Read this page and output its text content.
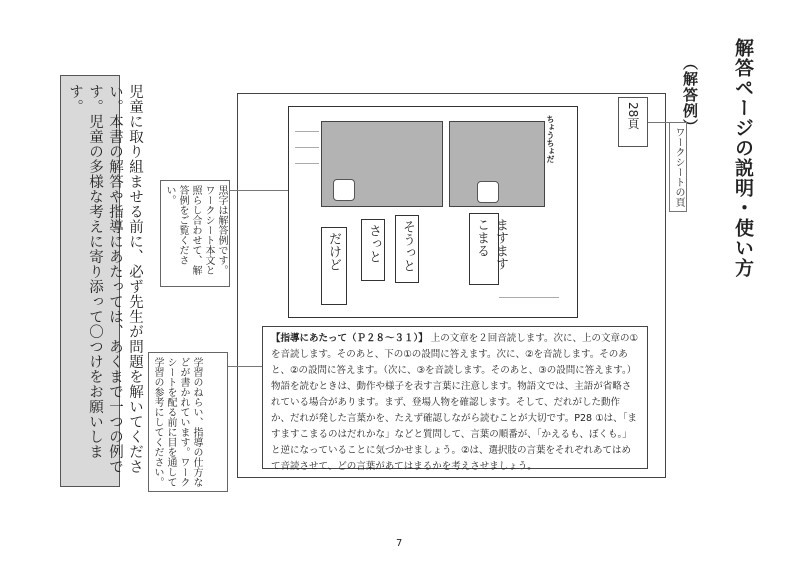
解答ページの説明・使い方
（解答例）

児童に取り組ませる前に、必ず先生が問題を解いてください。本書の解答や指導にあたっては、あくまで一つの例です。児童の多様な考えに寄り添って〇つけをお願いします。	28頁
ワークシートの頁
ちょうちょだ
ますます こまる
そうっと
さっと
だけど

黒字は解答例です。ワークシート本文と照らし合わせて、解答例をご覧ください。

【指導にあたって（Ｐ２８～３１）】 上の文章を２回音読します。次に、上の文章の①を音読します。そのあと、下の①の設問に答えます。次に、②を音読します。そのあと、②の設問に答えます。（次に、③を音読します。そのあと、③の設問に答えます。）物語を読むときは、動作や様子を表す言葉に注意します。物語文では、主語が省略されている場合があります。まず、登場人物を確認します。そして、だれがした動作か、だれが発した言葉かを、たえず確認しながら読むことが大切です。P28 ①は、「ますますこまるのはだれかな」などと質問して、言葉の順番が、「かえるも、ぼくも。」と逆になっていることに気づかせましょう。②は、選択肢の言葉をそれぞれあてはめて音読させて、どの言葉があてはまるかを考えさせましょう。

学習のねらい、指導の仕方などが書かれています。ワークシートを配る前に目を通して学習の参考にしてください。

7
